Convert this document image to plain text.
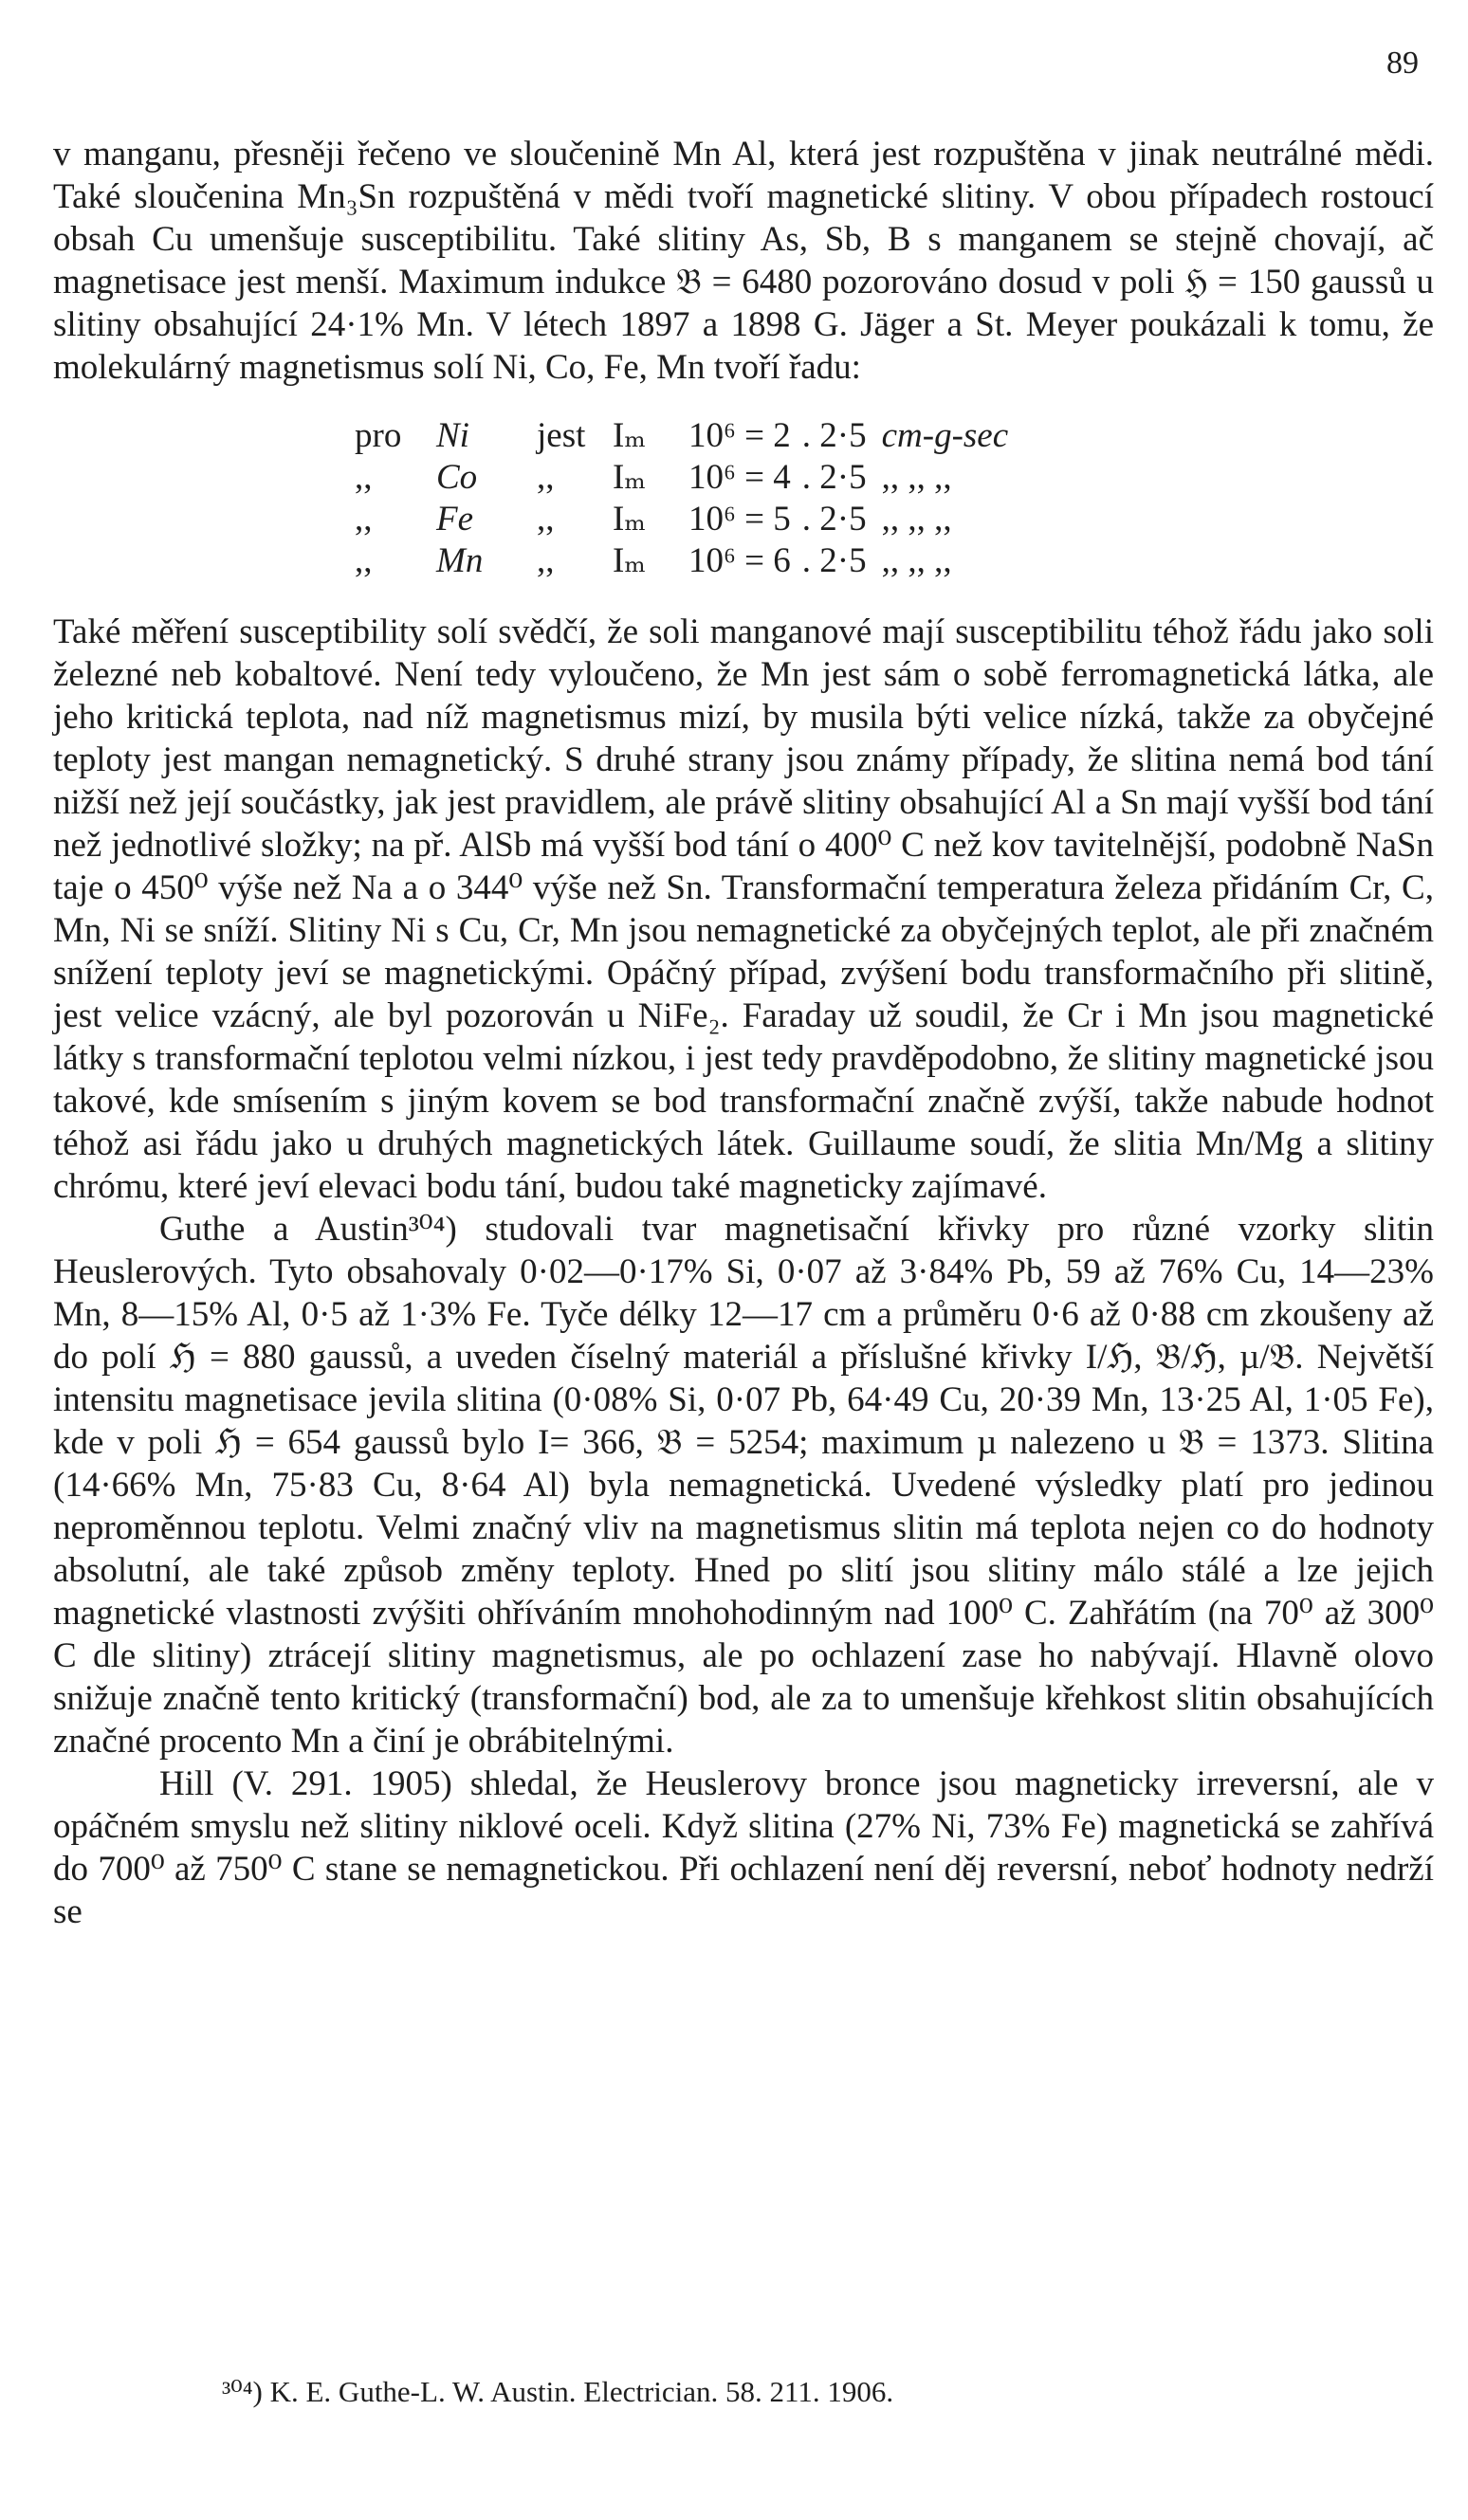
89

v manganu, přesněji řečeno ve sloučenině Mn Al, která jest rozpuštěna v jinak neutrálné mědi. Také sloučenina Mn₃Sn rozpuštěná v mědi tvoří magnetické slitiny. V obou případech rostoucí obsah Cu umenšuje susceptibilitu. Také slitiny As, Sb, B s manganem se stejně chovají, ač magnetisace jest menší. Maximum indukce 𝔅 = 6480 pozorováno dosud v poli ℌ = 150 gaussů u slitiny obsahující 24·1% Mn. V létech 1897 a 1898 G. Jäger a St. Meyer poukázali k tomu, že molekulárný magnetismus solí Ni, Co, Fe, Mn tvoří řadu:

pro Ni	jest Iₘ	10⁶ = 2 . 2·5 cm-g-sec
,,	Co	,,	Iₘ	10⁶ = 4 . 2·5 ,, ,, ,,
,,	Fe	,,	Iₘ	10⁶ = 5 . 2·5 ,, ,, ,,
,,	Mn	,,	Iₘ	10⁶ = 6 . 2·5 ,, ,, ,,

Také měření susceptibility solí svědčí, že soli manganové mají susceptibilitu téhož řádu jako soli železné neb kobaltové. Není tedy vyloučeno, že Mn jest sám o sobě ferromagnetická látka, ale jeho kritická teplota, nad níž magnetismus mizí, by musila býti velice nízká, takže za obyčejné teploty jest mangan nemagnetický. S druhé strany jsou známy případy, že slitina nemá bod tání nižší než její součástky, jak jest pravidlem, ale právě slitiny obsahující Al a Sn mají vyšší bod tání než jednotlivé složky; na př. AlSb má vyšší bod tání o 400⁰ C než kov tavitelnější, podobně NaSn taje o 450⁰ výše než Na a o 344⁰ výše než Sn. Transformační temperatura železa přidáním Cr, C, Mn, Ni se sníží. Slitiny Ni s Cu, Cr, Mn jsou nemagnetické za obyčejných teplot, ale při značném snížení teploty jeví se magnetickými. Opáčný případ, zvýšení bodu transformačního při slitině, jest velice vzácný, ale byl pozorován u NiFe₂. Faraday už soudil, že Cr i Mn jsou magnetické látky s transformační teplotou velmi nízkou, i jest tedy pravděpodobno, že slitiny magnetické jsou takové, kde smísením s jiným kovem se bod transformační značně zvýší, takže nabude hodnot téhož asi řádu jako u druhých magnetických látek. Guillaume soudí, že slitia Mn/Mg a slitiny chrómu, které jeví elevaci bodu tání, budou také magneticky zajímavé.

Guthe a Austin³⁰⁴) studovali tvar magnetisační křivky pro různé vzorky slitin Heuslerových. Tyto obsahovaly 0·02—0·17% Si, 0·07 až 3·84% Pb, 59 až 76% Cu, 14—23% Mn, 8—15% Al, 0·5 až 1·3% Fe. Tyče délky 12—17 cm a průměru 0·6 až 0·88 cm zkoušeny až do polí ℌ = 880 gaussů, a uveden číselný materiál a příslušné křivky I/ℌ, 𝔅/ℌ, µ/𝔅. Největší intensitu magnetisace jevila slitina (0·08% Si, 0·07 Pb, 64·49 Cu, 20·39 Mn, 13·25 Al, 1·05 Fe), kde v poli ℌ = 654 gaussů bylo I= 366, 𝔅 = 5254; maximum µ nalezeno u 𝔅 = 1373. Slitina (14·66% Mn, 75·83 Cu, 8·64 Al) byla nemagnetická. Uvedené výsledky platí pro jedinou neproměnnou teplotu. Velmi značný vliv na magnetismus slitin má teplota nejen co do hodnoty absolutní, ale také způsob změny teploty. Hned po slití jsou slitiny málo stálé a lze jejich magnetické vlastnosti zvýšiti ohříváním mnohohodinným nad 100⁰ C. Zahřátím (na 70⁰ až 300⁰ C dle slitiny) ztrácejí slitiny magnetismus, ale po ochlazení zase ho nabývají. Hlavně olovo snižuje značně tento kritický (transformační) bod, ale za to umenšuje křehkost slitin obsahujících značné procento Mn a činí je obrábitelnými.

Hill (V. 291. 1905) shledal, že Heuslerovy bronce jsou magneticky irreversní, ale v opáčném smyslu než slitiny niklové oceli. Když slitina (27% Ni, 73% Fe) magnetická se zahřívá do 700⁰ až 750⁰ C stane se nemagnetickou. Při ochlazení není děj reversní, neboť hodnoty nedrží se

³⁰⁴) K. E. Guthe-L. W. Austin. Electrician. 58. 211. 1906.
